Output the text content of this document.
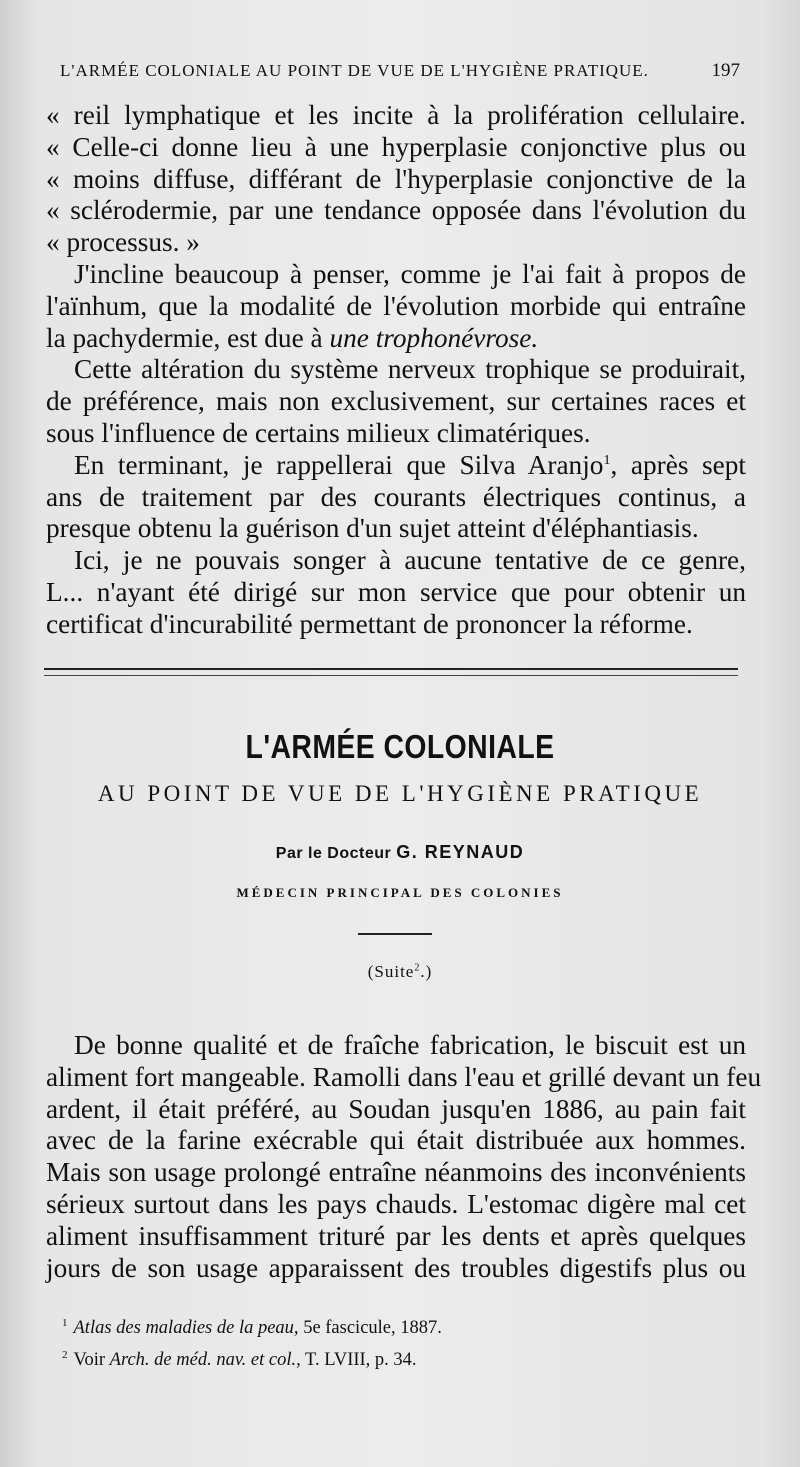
L'ARMÉE COLONIALE AU POINT DE VUE DE L'HYGIÈNE PRATIQUE.	197
« reil lymphatique et les incite à la prolifération cellulaire.
« Celle-ci donne lieu à une hyperplasie conjonctive plus ou
« moins diffuse, différant de l'hyperplasie conjonctive de la
« sclérodermie, par une tendance opposée dans l'évolution du
« processus. »
J'incline beaucoup à penser, comme je l'ai fait à propos de
l'aïnhum, que la modalité de l'évolution morbide qui entraîne
la pachydermie, est due à une trophonévrose.
Cette altération du système nerveux trophique se produirait,
de préférence, mais non exclusivement, sur certaines races et
sous l'influence de certains milieux climatériques.
En terminant, je rappellerai que Silva Aranjo$^1$, après sept
ans de traitement par des courants électriques continus, a
presque obtenu la guérison d'un sujet atteint d'éléphantiasis.
Ici, je ne pouvais songer à aucune tentative de ce genre,
L... n'ayant été dirigé sur mon service que pour obtenir un
certificat d'incurabilité permettant de prononcer la réforme.
L'ARMÉE COLONIALE
AU POINT DE VUE DE L'HYGIÈNE PRATIQUE
Par le Docteur G. REYNAUD
MÉDECIN PRINCIPAL DES COLONIES
(Suite$^2$.)
De bonne qualité et de fraîche fabrication, le biscuit est un
aliment fort mangeable. Ramolli dans l'eau et grillé devant un feu
ardent, il était préféré, au Soudan jusqu'en 1886, au pain fait
avec de la farine exécrable qui était distribuée aux hommes.
Mais son usage prolongé entraîne néanmoins des inconvénients
sérieux surtout dans les pays chauds. L'estomac digère mal cet
aliment insuffisamment trituré par les dents et après quelques
jours de son usage apparaissent des troubles digestifs plus ou
$^1$ Atlas des maladies de la peau, 5e fascicule, 1887.
$^2$ Voir Arch. de méd. nav. et col., T. LVIII, p. 34.
